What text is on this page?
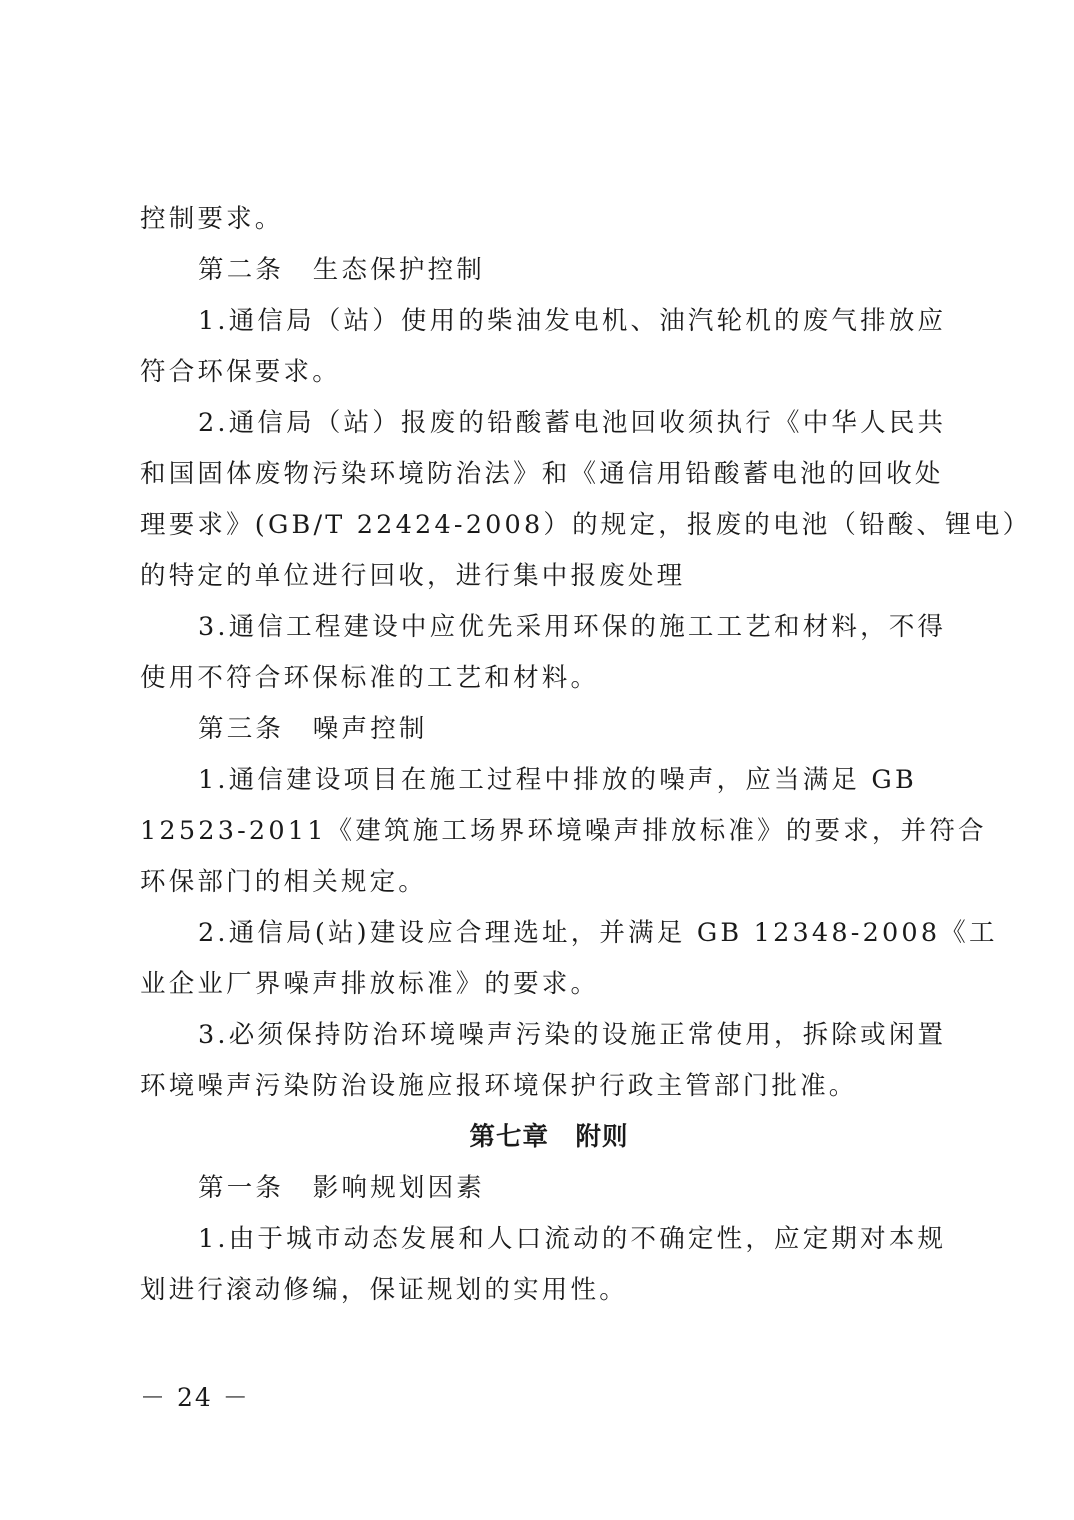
控制要求。
第二条　生态保护控制
1.通信局（站）使用的柴油发电机、油汽轮机的废气排放应
符合环保要求。
2.通信局（站）报废的铅酸蓄电池回收须执行《中华人民共
和国固体废物污染环境防治法》和《通信用铅酸蓄电池的回收处
理要求》(GB/T 22424-2008）的规定，报废的电池（铅酸、锂电）
的特定的单位进行回收，进行集中报废处理
3.通信工程建设中应优先采用环保的施工工艺和材料，不得
使用不符合环保标准的工艺和材料。
第三条　噪声控制
1.通信建设项目在施工过程中排放的噪声，应当满足 GB
12523-2011《建筑施工场界环境噪声排放标准》的要求，并符合
环保部门的相关规定。
2.通信局(站)建设应合理选址，并满足 GB 12348-2008《工
业企业厂界噪声排放标准》的要求。
3.必须保持防治环境噪声污染的设施正常使用，拆除或闲置
环境噪声污染防治设施应报环境保护行政主管部门批准。
第七章　附则
第一条　影响规划因素
1.由于城市动态发展和人口流动的不确定性，应定期对本规
划进行滚动修编，保证规划的实用性。
－ 24 －
